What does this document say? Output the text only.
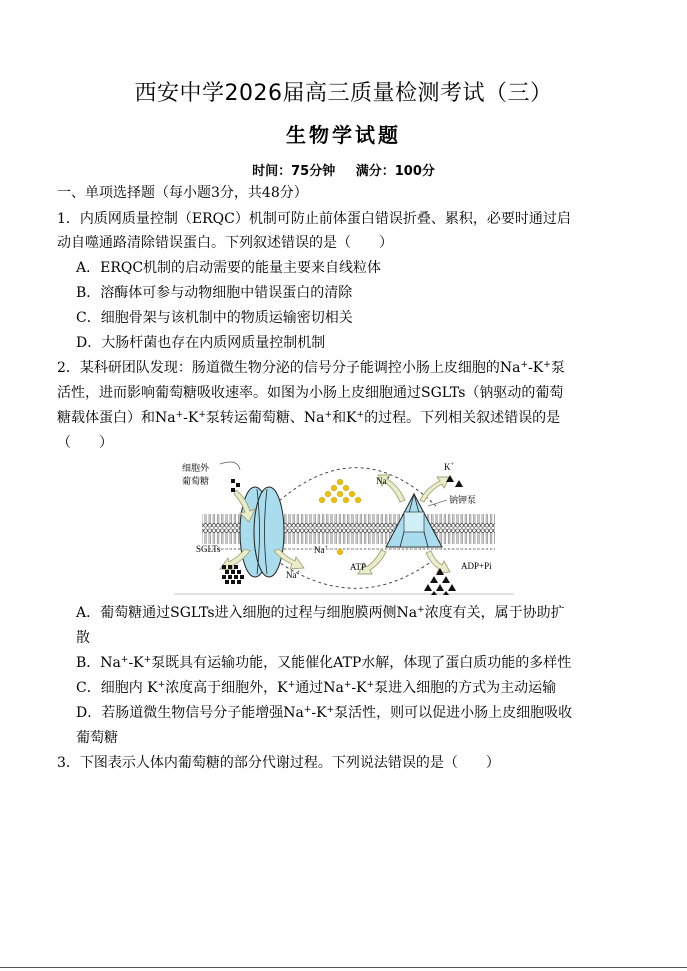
西安中学2026届高三质量检测考试（三）
生物学试题
时间：75分钟 满分：100分
一、单项选择题（每小题3分，共48分）
1．内质网质量控制（ERQC）机制可防止前体蛋白错误折叠、累积，必要时通过启
动自噬通路清除错误蛋白。下列叙述错误的是（　　）
A．ERQC机制的启动需要的能量主要来自线粒体
B．溶酶体可参与动物细胞中错误蛋白的清除
C．细胞骨架与该机制中的物质运输密切相关
D．大肠杆菌也存在内质网质量控制机制
2．某科研团队发现：肠道微生物分泌的信号分子能调控小肠上皮细胞的Na+-K+泵
活性，进而影响葡萄糖吸收速率。如图为小肠上皮细胞通过SGLTs（钠驱动的葡萄
糖载体蛋白）和Na+-K+泵转运葡萄糖、Na+和K+的过程。下列相关叙述错误的是
（　　）
细胞外
葡萄糖
SGLTs
Na+
Na+
Na+
K+
钠钾泵
ATP	ADP+Pi
A．葡萄糖通过SGLTs进入细胞的过程与细胞膜两侧Na+浓度有关，属于协助扩
散
B．Na+-K+泵既具有运输功能，又能催化ATP水解，体现了蛋白质功能的多样性
C．细胞内 K+浓度高于细胞外，K+通过Na+-K+泵进入细胞的方式为主动运输
D．若肠道微生物信号分子能增强Na+-K+泵活性，则可以促进小肠上皮细胞吸收
葡萄糖
3．下图表示人体内葡萄糖的部分代谢过程。下列说法错误的是（　　）
